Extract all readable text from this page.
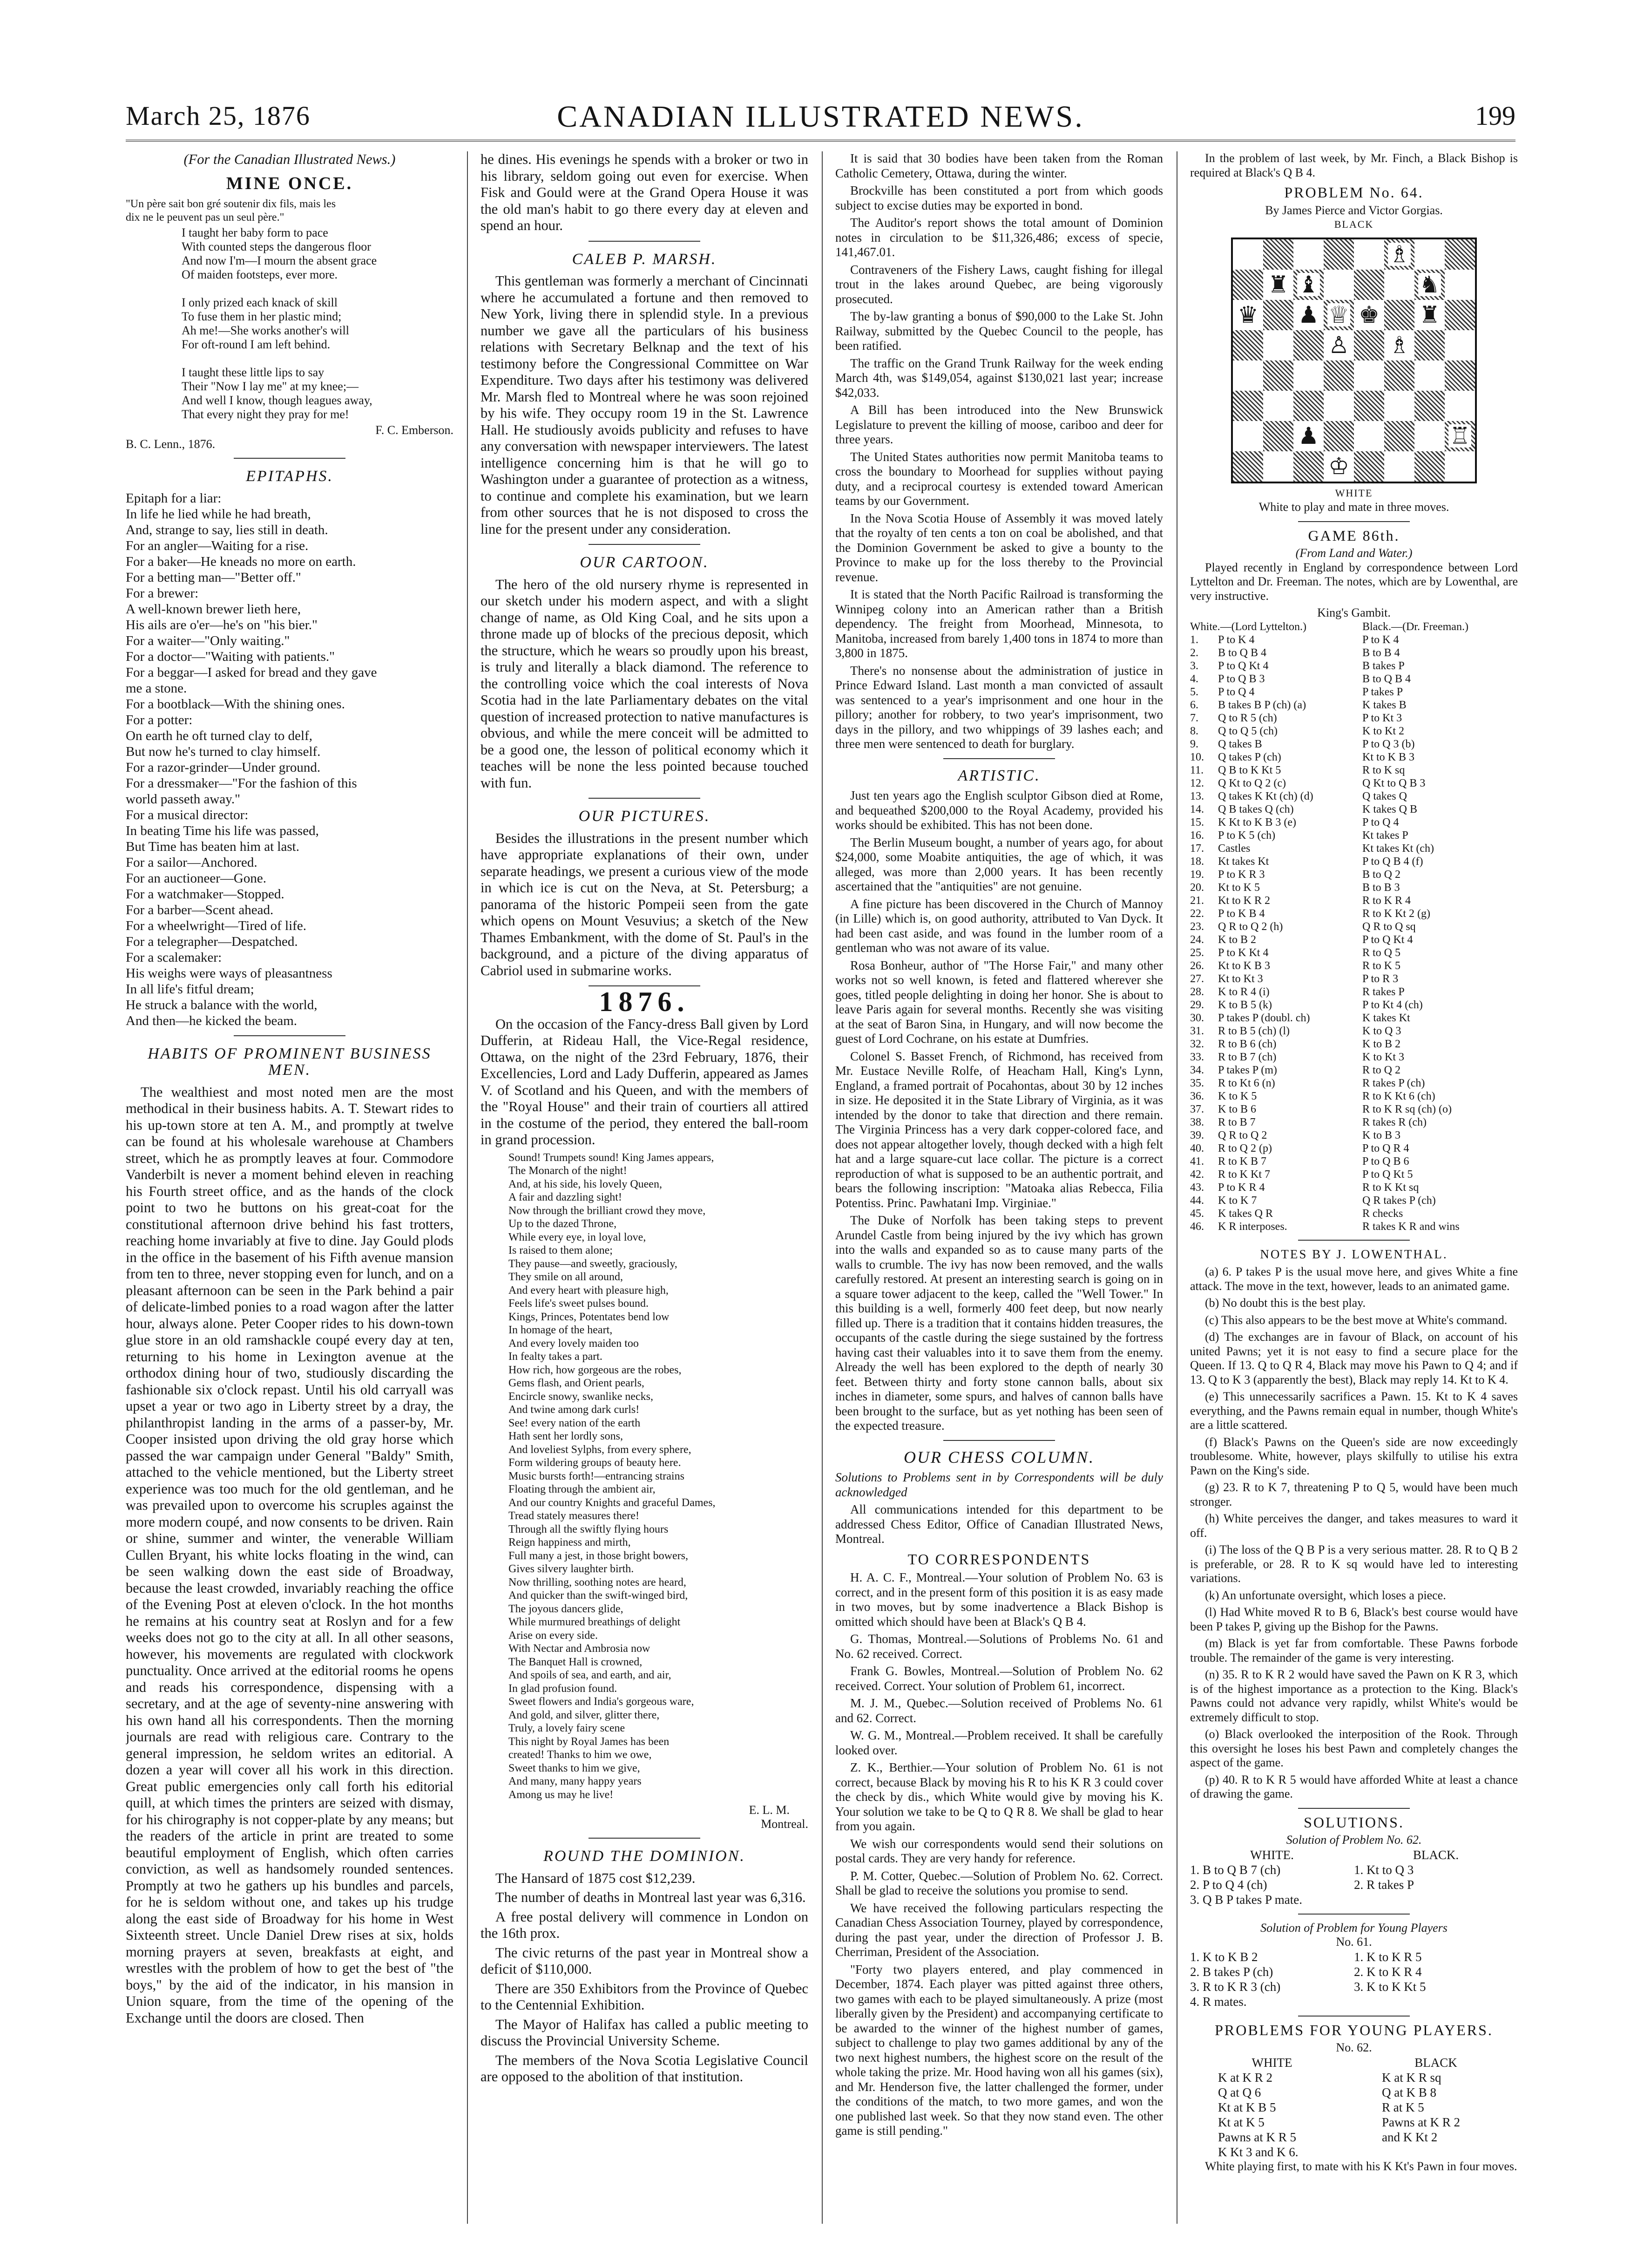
March 25, 1876	CANADIAN ILLUSTRATED NEWS.	199

(For the Canadian Illustrated News.)

MINE ONCE.
"Un père sait bon gré soutenir dix fils, mais les
dix ne le peuvent pas un seul père."
I taught her baby form to pace
With counted steps the dangerous floor
And now I'm—I mourn the absent grace
Of maiden footsteps, ever more.

I only prized each knack of skill
To fuse them in her plastic mind;
Ah me!—She works another's will
For oft-round I am left behind.

I taught these little lips to say
Their "Now I lay me" at my knee;—
And well I know, though leagues away,
That every night they pray for me!
F. C. Emberson.
B. C. Lenn., 1876.
EPITAPHS.
Epitaph for a liar:
In life he lied while he had breath,
And, strange to say, lies still in death.
For an angler—Waiting for a rise.
For a baker—He kneads no more on earth.
For a betting man—"Better off."
For a brewer:
A well-known brewer lieth here,
His ails are o'er—he's on "his bier."
For a waiter—"Only waiting."
For a doctor—"Waiting with patients."
For a beggar—I asked for bread and they gave
me a stone.
For a bootblack—With the shining ones.
For a potter:
On earth he oft turned clay to delf,
But now he's turned to clay himself.
For a razor-grinder—Under ground.
For a dressmaker—"For the fashion of this
world passeth away."
For a musical director:
In beating Time his life was passed,
But Time has beaten him at last.
For a sailor—Anchored.
For an auctioneer—Gone.
For a watchmaker—Stopped.
For a barber—Scent ahead.
For a wheelwright—Tired of life.
For a telegrapher—Despatched.
For a scalemaker:
His weighs were ways of pleasantness
In all life's fitful dream;
He struck a balance with the world,
And then—he kicked the beam.
HABITS OF PROMINENT BUSINESS MEN.

The wealthiest and most noted men are the most methodical in their business habits. A. T. Stewart rides to his up-town store at ten A. M., and promptly at twelve can be found at his wholesale warehouse at Chambers street, which he as promptly leaves at four. Commodore Vanderbilt is never a moment behind eleven in reaching his Fourth street office, and as the hands of the clock point to two he buttons on his great-coat for the constitutional afternoon drive behind his fast trotters, reaching home invariably at five to dine. Jay Gould plods in the office in the basement of his Fifth avenue mansion from ten to three, never stopping even for lunch, and on a pleasant afternoon can be seen in the Park behind a pair of delicate-limbed ponies to a road wagon after the latter hour, always alone. Peter Cooper rides to his down-town glue store in an old ramshackle coupé every day at ten, returning to his home in Lexington avenue at the orthodox dining hour of two, studiously discarding the fashionable six o'clock repast. Until his old carryall was upset a year or two ago in Liberty street by a dray, the philanthropist landing in the arms of a passer-by, Mr. Cooper insisted upon driving the old gray horse which passed the war campaign under General "Baldy" Smith, attached to the vehicle mentioned, but the Liberty street experience was too much for the old gentleman, and he was prevailed upon to overcome his scruples against the more modern coupé, and now consents to be driven. Rain or shine, summer and winter, the venerable William Cullen Bryant, his white locks floating in the wind, can be seen walking down the east side of Broadway, because the least crowded, invariably reaching the office of the Evening Post at eleven o'clock. In the hot months he remains at his country seat at Roslyn and for a few weeks does not go to the city at all. In all other seasons, however, his movements are regulated with clockwork punctuality. Once arrived at the editorial rooms he opens and reads his correspondence, dispensing with a secretary, and at the age of seventy-nine answering with his own hand all his correspondents. Then the morning journals are read with religious care. Contrary to the general impression, he seldom writes an editorial. A dozen a year will cover all his work in this direction. Great public emergencies only call forth his editorial quill, at which times the printers are seized with dismay, for his chirography is not copper-plate by any means; but the readers of the article in print are treated to some beautiful employment of English, which often carries conviction, as well as handsomely rounded sentences. Promptly at two he gathers up his bundles and parcels, for he is seldom without one, and takes up his trudge along the east side of Broadway for his home in West Sixteenth street. Uncle Daniel Drew rises at six, holds morning prayers at seven, breakfasts at eight, and wrestles with the problem of how to get the best of "the boys," by the aid of the indicator, in his mansion in Union square, from the time of the opening of the Exchange until the doors are closed. Then

he dines. His evenings he spends with a broker or two in his library, seldom going out even for exercise. When Fisk and Gould were at the Grand Opera House it was the old man's habit to go there every day at eleven and spend an hour.

CALEB P. MARSH.

This gentleman was formerly a merchant of Cincinnati where he accumulated a fortune and then removed to New York, living there in splendid style. In a previous number we gave all the particulars of his business relations with Secretary Belknap and the text of his testimony before the Congressional Committee on War Expenditure. Two days after his testimony was delivered Mr. Marsh fled to Montreal where he was soon rejoined by his wife. They occupy room 19 in the St. Lawrence Hall. He studiously avoids publicity and refuses to have any conversation with newspaper interviewers. The latest intelligence concerning him is that he will go to Washington under a guarantee of protection as a witness, to continue and complete his examination, but we learn from other sources that he is not disposed to cross the line for the present under any consideration.

OUR CARTOON.

The hero of the old nursery rhyme is represented in our sketch under his modern aspect, and with a slight change of name, as Old King Coal, and he sits upon a throne made up of blocks of the precious deposit, which the structure, which he wears so proudly upon his breast, is truly and literally a black diamond. The reference to the controlling voice which the coal interests of Nova Scotia had in the late Parliamentary debates on the vital question of increased protection to native manufactures is obvious, and while the mere conceit will be admitted to be a good one, the lesson of political economy which it teaches will be none the less pointed because touched with fun.

OUR PICTURES.

Besides the illustrations in the present number which have appropriate explanations of their own, under separate headings, we present a curious view of the mode in which ice is cut on the Neva, at St. Petersburg; a panorama of the historic Pompeii seen from the gate which opens on Mount Vesuvius; a sketch of the New Thames Embankment, with the dome of St. Paul's in the background, and a picture of the diving apparatus of Cabriol used in submarine works.

1876.

On the occasion of the Fancy-dress Ball given by Lord Dufferin, at Rideau Hall, the Vice-Regal residence, Ottawa, on the night of the 23rd February, 1876, their Excellencies, Lord and Lady Dufferin, appeared as James V. of Scotland and his Queen, and with the members of the "Royal House" and their train of courtiers all attired in the costume of the period, they entered the ball-room in grand procession.

Sound! Trumpets sound! King James appears,
The Monarch of the night!
And, at his side, his lovely Queen,
A fair and dazzling sight!
Now through the brilliant crowd they move,
Up to the dazed Throne,
While every eye, in loyal love,
Is raised to them alone;
They pause—and sweetly, graciously,
They smile on all around,
And every heart with pleasure high,
Feels life's sweet pulses bound.
Kings, Princes, Potentates bend low
In homage of the heart,
And every lovely maiden too
In fealty takes a part.
How rich, how gorgeous are the robes,
Gems flash, and Orient pearls,
Encircle snowy, swanlike necks,
And twine among dark curls!
See! every nation of the earth
Hath sent her lordly sons,
And loveliest Sylphs, from every sphere,
Form wildering groups of beauty here.
Music bursts forth!—entrancing strains
Floating through the ambient air,
And our country Knights and graceful Dames,
Tread stately measures there!
Through all the swiftly flying hours
Reign happiness and mirth,
Full many a jest, in those bright bowers,
Gives silvery laughter birth.
Now thrilling, soothing notes are heard,
And quicker than the swift-winged bird,
The joyous dancers glide,
While murmured breathings of delight
Arise on every side.
With Nectar and Ambrosia now
The Banquet Hall is crowned,
And spoils of sea, and earth, and air,
In glad profusion found.
Sweet flowers and India's gorgeous ware,
And gold, and silver, glitter there,
Truly, a lovely fairy scene
This night by Royal James has been
created! Thanks to him we owe,
Sweet thanks to him we give,
And many, many happy years
Among us may he live!
E. L. M.
Montreal.
ROUND THE DOMINION.

The Hansard of 1875 cost $12,239.

The number of deaths in Montreal last year was 6,316.

A free postal delivery will commence in London on the 16th prox.

The civic returns of the past year in Montreal show a deficit of $110,000.

There are 350 Exhibitors from the Province of Quebec to the Centennial Exhibition.

The Mayor of Halifax has called a public meeting to discuss the Provincial University Scheme.

The members of the Nova Scotia Legislative Council are opposed to the abolition of that institution.

It is said that 30 bodies have been taken from the Roman Catholic Cemetery, Ottawa, during the winter.

Brockville has been constituted a port from which goods subject to excise duties may be exported in bond.

The Auditor's report shows the total amount of Dominion notes in circulation to be $11,326,486; excess of specie, 141,467.01.

Contraveners of the Fishery Laws, caught fishing for illegal trout in the lakes around Quebec, are being vigorously prosecuted.

The by-law granting a bonus of $90,000 to the Lake St. John Railway, submitted by the Quebec Council to the people, has been ratified.

The traffic on the Grand Trunk Railway for the week ending March 4th, was $149,054, against $130,021 last year; increase $42,033.

A Bill has been introduced into the New Brunswick Legislature to prevent the killing of moose, cariboo and deer for three years.

The United States authorities now permit Manitoba teams to cross the boundary to Moorhead for supplies without paying duty, and a reciprocal courtesy is extended toward American teams by our Government.

In the Nova Scotia House of Assembly it was moved lately that the royalty of ten cents a ton on coal be abolished, and that the Dominion Government be asked to give a bounty to the Province to make up for the loss thereby to the Provincial revenue.

It is stated that the North Pacific Railroad is transforming the Winnipeg colony into an American rather than a British dependency. The freight from Moorhead, Minnesota, to Manitoba, increased from barely 1,400 tons in 1874 to more than 3,800 in 1875.

There's no nonsense about the administration of justice in Prince Edward Island. Last month a man convicted of assault was sentenced to a year's imprisonment and one hour in the pillory; another for robbery, to two year's imprisonment, two days in the pillory, and two whippings of 39 lashes each; and three men were sentenced to death for burglary.

ARTISTIC.

Just ten years ago the English sculptor Gibson died at Rome, and bequeathed $200,000 to the Royal Academy, provided his works should be exhibited. This has not been done.

The Berlin Museum bought, a number of years ago, for about $24,000, some Moabite antiquities, the age of which, it was alleged, was more than 2,000 years. It has been recently ascertained that the "antiquities" are not genuine.

A fine picture has been discovered in the Church of Mannoy (in Lille) which is, on good authority, attributed to Van Dyck. It had been cast aside, and was found in the lumber room of a gentleman who was not aware of its value.

Rosa Bonheur, author of "The Horse Fair," and many other works not so well known, is feted and flattered wherever she goes, titled people delighting in doing her honor. She is about to leave Paris again for several months. Recently she was visiting at the seat of Baron Sina, in Hungary, and will now become the guest of Lord Cochrane, on his estate at Dumfries.

Colonel S. Basset French, of Richmond, has received from Mr. Eustace Neville Rolfe, of Heacham Hall, King's Lynn, England, a framed portrait of Pocahontas, about 30 by 12 inches in size. He deposited it in the State Library of Virginia, as it was intended by the donor to take that direction and there remain. The Virginia Princess has a very dark copper-colored face, and does not appear altogether lovely, though decked with a high felt hat and a large square-cut lace collar. The picture is a correct reproduction of what is supposed to be an authentic portrait, and bears the following inscription: "Matoaka alias Rebecca, Filia Potentiss. Princ. Pawhatani Imp. Virginiae."

The Duke of Norfolk has been taking steps to prevent Arundel Castle from being injured by the ivy which has grown into the walls and expanded so as to cause many parts of the walls to crumble. The ivy has now been removed, and the walls carefully restored. At present an interesting search is going on in a square tower adjacent to the keep, called the "Well Tower." In this building is a well, formerly 400 feet deep, but now nearly filled up. There is a tradition that it contains hidden treasures, the occupants of the castle during the siege sustained by the fortress having cast their valuables into it to save them from the enemy. Already the well has been explored to the depth of nearly 30 feet. Between thirty and forty stone cannon balls, about six inches in diameter, some spurs, and halves of cannon balls have been brought to the surface, but as yet nothing has been seen of the expected treasure.

OUR CHESS COLUMN.

Solutions to Problems sent in by Correspondents will be duly acknowledged

All communications intended for this department to be addressed Chess Editor, Office of Canadian Illustrated News, Montreal.

TO CORRESPONDENTS

H. A. C. F., Montreal.—Your solution of Problem No. 63 is correct, and in the present form of this position it is as easy made in two moves, but by some inadvertence a Black Bishop is omitted which should have been at Black's Q B 4.

G. Thomas, Montreal.—Solutions of Problems No. 61 and No. 62 received. Correct.

Frank G. Bowles, Montreal.—Solution of Problem No. 62 received. Correct. Your solution of Problem 61, incorrect.

M. J. M., Quebec.—Solution received of Problems No. 61 and 62. Correct.

W. G. M., Montreal.—Problem received. It shall be carefully looked over.

Z. K., Berthier.—Your solution of Problem No. 61 is not correct, because Black by moving his R to his K R 3 could cover the check by dis., which White would give by moving his K. Your solution we take to be Q to Q R 8. We shall be glad to hear from you again.

We wish our correspondents would send their solutions on postal cards. They are very handy for reference.

P. M. Cotter, Quebec.—Solution of Problem No. 62. Correct. Shall be glad to receive the solutions you promise to send.

We have received the following particulars respecting the Canadian Chess Association Tourney, played by correspondence, during the past year, under the direction of Professor J. B. Cherriman, President of the Association.

"Forty two players entered, and play commenced in December, 1874. Each player was pitted against three others, two games with each to be played simultaneously. A prize (most liberally given by the President) and accompanying certificate to be awarded to the winner of the highest number of games, subject to challenge to play two games additional by any of the two next highest numbers, the highest score on the result of the whole taking the prize. Mr. Hood having won all his games (six), and Mr. Henderson five, the latter challenged the former, under the conditions of the match, to two more games, and won the one published last week. So that they now stand even. The other game is still pending."

In the problem of last week, by Mr. Finch, a Black Bishop is required at Black's Q B 4.

PROBLEM No. 64.
By James Pierce and Victor Gorgias.
BLACK
♗
♜ ♝	♞
♛ ♟ ♕ ♚ ♜
♙ ♗
♟	♖
♔
WHITE
White to play and mate in three moves.
GAME 86th.
(From Land and Water.)

Played recently in England by correspondence between Lord Lyttelton and Dr. Freeman. The notes, which are by Lowenthal, are very instructive.

King's Gambit.
White.—(Lord Lyttelton.)	Black.—(Dr. Freeman.)
1.	P to K 4	P to K 4
2.	B to Q B 4	B to B 4
3.	P to Q Kt 4	B takes P
4.	P to Q B 3	B to Q B 4
5.	P to Q 4	P takes P
6.	B takes B P (ch) (a)	K takes B
7.	Q to R 5 (ch)	P to Kt 3
8.	Q to Q 5 (ch)	K to Kt 2
9.	Q takes B	P to Q 3 (b)
10.	Q takes P (ch)	Kt to K B 3
11.	Q B to K Kt 5	R to K sq
12.	Q Kt to Q 2 (c)	Q Kt to Q B 3
13.	Q takes K Kt (ch) (d)	Q takes Q
14.	Q B takes Q (ch)	K takes Q B
15.	K Kt to K B 3 (e)	P to Q 4
16.	P to K 5 (ch)	Kt takes P
17.	Castles	Kt takes Kt (ch)
18.	Kt takes Kt	P to Q B 4 (f)
19.	P to K R 3	B to Q 2
20.	Kt to K 5	B to B 3
21.	Kt to K R 2	R to K R 4
22.	P to K B 4	R to K Kt 2 (g)
23.	Q R to Q 2 (h)	Q R to Q sq
24.	K to B 2	P to Q Kt 4
25.	P to K Kt 4	R to Q 5
26.	Kt to K B 3	R to K 5
27.	Kt to Kt 3	P to R 3
28.	K to R 4 (i)	R takes P
29.	K to B 5 (k)	P to Kt 4 (ch)
30.	P takes P (doubl. ch)	K takes Kt
31.	R to B 5 (ch) (l)	K to Q 3
32.	R to B 6 (ch)	K to B 2
33.	R to B 7 (ch)	K to Kt 3
34.	P takes P (m)	R to Q 2
35.	R to Kt 6 (n)	R takes P (ch)
36.	K to K 5	R to K Kt 6 (ch)
37.	K to B 6	R to K R sq (ch) (o)
38.	R to B 7	R takes R (ch)
39.	Q R to Q 2	K to B 3
40.	R to Q 2 (p)	P to Q R 4
41.	R to K B 7	P to Q B 6
42.	R to K Kt 7	P to Q Kt 5
43.	P to K R 4	R to K Kt sq
44.	K to K 7	Q R takes P (ch)
45.	K takes Q R	R checks
46.	K R interposes.	R takes K R and wins
NOTES BY J. LOWENTHAL.

(a) 6. P takes P is the usual move here, and gives White a fine attack. The move in the text, however, leads to an animated game.

(b) No doubt this is the best play.

(c) This also appears to be the best move at White's command.

(d) The exchanges are in favour of Black, on account of his united Pawns; yet it is not easy to find a secure place for the Queen. If 13. Q to Q R 4, Black may move his Pawn to Q 4; and if 13. Q to K 3 (apparently the best), Black may reply 14. Kt to K 4.

(e) This unnecessarily sacrifices a Pawn. 15. Kt to K 4 saves everything, and the Pawns remain equal in number, though White's are a little scattered.

(f) Black's Pawns on the Queen's side are now exceedingly troublesome. White, however, plays skilfully to utilise his extra Pawn on the King's side.

(g) 23. R to K 7, threatening P to Q 5, would have been much stronger.

(h) White perceives the danger, and takes measures to ward it off.

(i) The loss of the Q B P is a very serious matter. 28. R to Q B 2 is preferable, or 28. R to K sq would have led to interesting variations.

(k) An unfortunate oversight, which loses a piece.

(l) Had White moved R to B 6, Black's best course would have been P takes P, giving up the Bishop for the Pawns.

(m) Black is yet far from comfortable. These Pawns forbode trouble. The remainder of the game is very interesting.

(n) 35. R to K R 2 would have saved the Pawn on K R 3, which is of the highest importance as a protection to the King. Black's Pawns could not advance very rapidly, whilst White's would be extremely difficult to stop.

(o) Black overlooked the interposition of the Rook. Through this oversight he loses his best Pawn and completely changes the aspect of the game.

(p) 40. R to K R 5 would have afforded White at least a chance of drawing the game.

SOLUTIONS.
Solution of Problem No. 62.
WHITE.	BLACK.
1. B to Q B 7 (ch)	1. Kt to Q 3
2. P to Q 4 (ch)	2. R takes P
3. Q B P takes P mate.
Solution of Problem for Young Players
No. 61.
1. K to K B 2	1. K to K R 5
2. B takes P (ch)	2. K to K R 4
3. R to K R 3 (ch)	3. K to K Kt 5
4. R mates.
PROBLEMS FOR YOUNG PLAYERS.
No. 62.
WHITE	BLACK
K at K R 2
Q at Q 6
Kt at K B 5
Kt at K 5
Pawns at K R 5
K Kt 3 and K 6.
K at K R sq
Q at K B 8
R at K 5
Pawns at K R 2
and K Kt 2

White playing first, to mate with his K Kt's Pawn in four moves.
